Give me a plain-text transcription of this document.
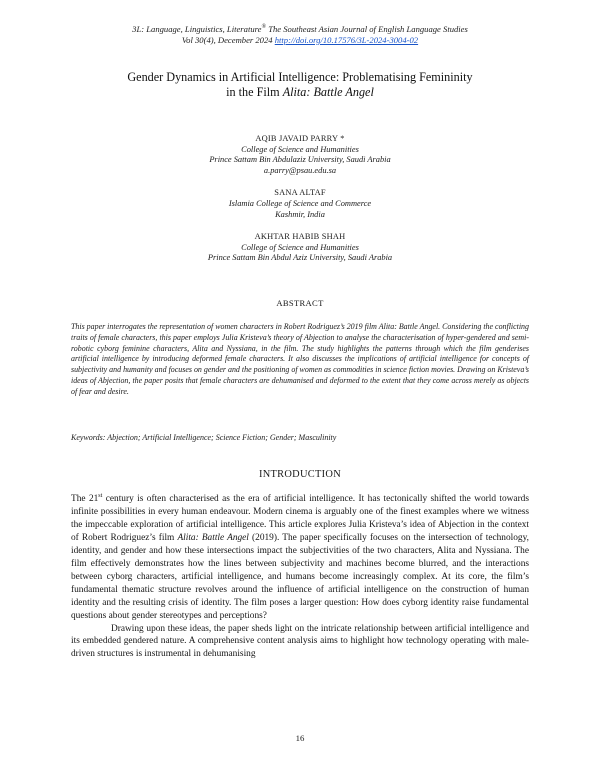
3L: Language, Linguistics, Literature® The Southeast Asian Journal of English Language Studies
Vol 30(4), December 2024 http://doi.org/10.17576/3L-2024-3004-02
Gender Dynamics in Artificial Intelligence: Problematising Femininity
in the Film Alita: Battle Angel
AQIB JAVAID PARRY *
College of Science and Humanities
Prince Sattam Bin Abdulaziz University, Saudi Arabia
a.parry@psau.edu.sa
SANA ALTAF
Islamia College of Science and Commerce
Kashmir, India
AKHTAR HABIB SHAH
College of Science and Humanities
Prince Sattam Bin Abdul Aziz University, Saudi Arabia
ABSTRACT
This paper interrogates the representation of women characters in Robert Rodriguez’s 2019 film Alita: Battle Angel. Considering the conflicting traits of female characters, this paper employs Julia Kristeva’s theory of Abjection to analyse the characterisation of hyper-gendered and semi-robotic cyborg feminine characters, Alita and Nyssiana, in the film. The study highlights the patterns through which the film genderises artificial intelligence by introducing deformed female characters. It also discusses the implications of artificial intelligence for concepts of subjectivity and humanity and focuses on gender and the positioning of women as commodities in science fiction movies. Drawing on Kristeva’s ideas of Abjection, the paper posits that female characters are dehumanised and deformed to the extent that they come across merely as objects of fear and desire.
Keywords: Abjection; Artificial Intelligence; Science Fiction; Gender; Masculinity
INTRODUCTION

The 21st century is often characterised as the era of artificial intelligence. It has tectonically shifted the world towards infinite possibilities in every human endeavour. Modern cinema is arguably one of the finest examples where we witness the impeccable exploration of artificial intelligence. This article explores Julia Kristeva’s idea of Abjection in the context of Robert Rodriguez’s film Alita: Battle Angel (2019). The paper specifically focuses on the intersection of technology, identity, and gender and how these intersections impact the subjectivities of the two characters, Alita and Nyssiana. The film effectively demonstrates how the lines between subjectivity and machines become blurred, and the interactions between cyborg characters, artificial intelligence, and humans become increasingly complex. At its core, the film’s fundamental thematic structure revolves around the influence of artificial intelligence on the construction of human identity and the resulting crisis of identity. The film poses a larger question: How does cyborg identity raise fundamental questions about gender stereotypes and perceptions?

Drawing upon these ideas, the paper sheds light on the intricate relationship between artificial intelligence and its embedded gendered nature. A comprehensive content analysis aims to highlight how technology operating with male-driven structures is instrumental in dehumanising

16
